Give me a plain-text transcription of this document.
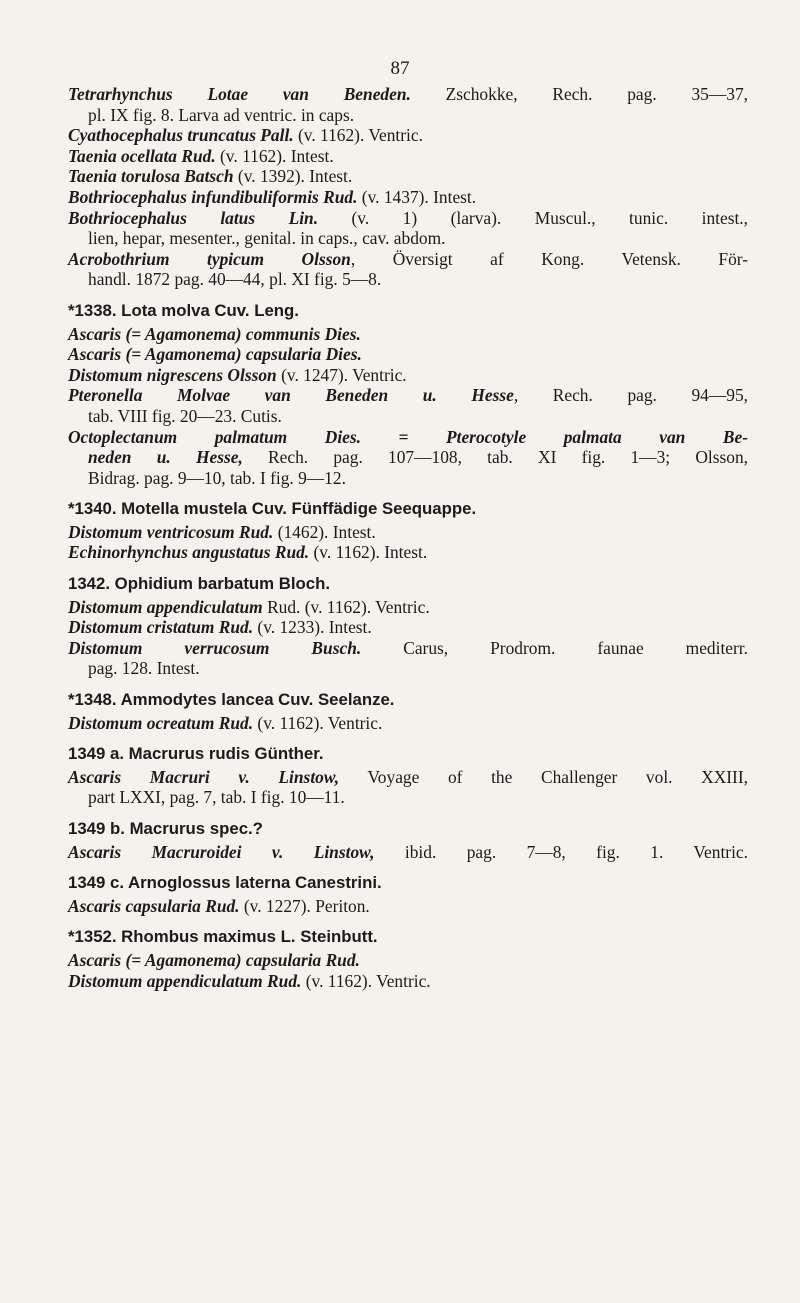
87
Tetrarhynchus Lotae van Beneden. Zschokke, Rech. pag. 35—37,
pl. IX fig. 8. Larva ad ventric. in caps.
Cyathocephalus truncatus Pall. (v. 1162). Ventric.
Taenia ocellata Rud. (v. 1162). Intest.
Taenia torulosa Batsch (v. 1392). Intest.
Bothriocephalus infundibuliformis Rud. (v. 1437). Intest.
Bothriocephalus latus Lin. (v. 1) (larva). Muscul., tunic. intest.,
lien, hepar, mesenter., genital. in caps., cav. abdom.
Acrobothrium typicum Olsson, Översigt af Kong. Vetensk. För-
handl. 1872 pag. 40—44, pl. XI fig. 5—8.
*1338. Lota molva Cuv. Leng.
Ascaris (= Agamonema) communis Dies.
Ascaris (= Agamonema) capsularia Dies.
Distomum nigrescens Olsson (v. 1247). Ventric.
Pteronella Molvae van Beneden u. Hesse, Rech. pag. 94—95,
tab. VIII fig. 20—23. Cutis.
Octoplectanum palmatum Dies. = Pterocotyle palmata van Be-
neden u. Hesse, Rech. pag. 107—108, tab. XI fig. 1—3; Olsson,
Bidrag. pag. 9—10, tab. I fig. 9—12.
*1340. Motella mustela Cuv. Fünffädige Seequappe.
Distomum ventricosum Rud. (1462). Intest.
Echinorhynchus angustatus Rud. (v. 1162). Intest.
1342. Ophidium barbatum Bloch.
Distomum appendiculatum Rud. (v. 1162). Ventric.
Distomum cristatum Rud. (v. 1233). Intest.
Distomum verrucosum Busch. Carus, Prodrom. faunae mediterr.
pag. 128. Intest.
*1348. Ammodytes lancea Cuv. Seelanze.
Distomum ocreatum Rud. (v. 1162). Ventric.
1349 a. Macrurus rudis Günther.
Ascaris Macruri v. Linstow, Voyage of the Challenger vol. XXIII,
part LXXI, pag. 7, tab. I fig. 10—11.
1349 b. Macrurus spec.?
Ascaris Macruroidei v. Linstow, ibid. pag. 7—8, fig. 1. Ventric.
1349 c. Arnoglossus laterna Canestrini.
Ascaris capsularia Rud. (v. 1227). Periton.
*1352. Rhombus maximus L. Steinbutt.
Ascaris (= Agamonema) capsularia Rud.
Distomum appendiculatum Rud. (v. 1162). Ventric.
